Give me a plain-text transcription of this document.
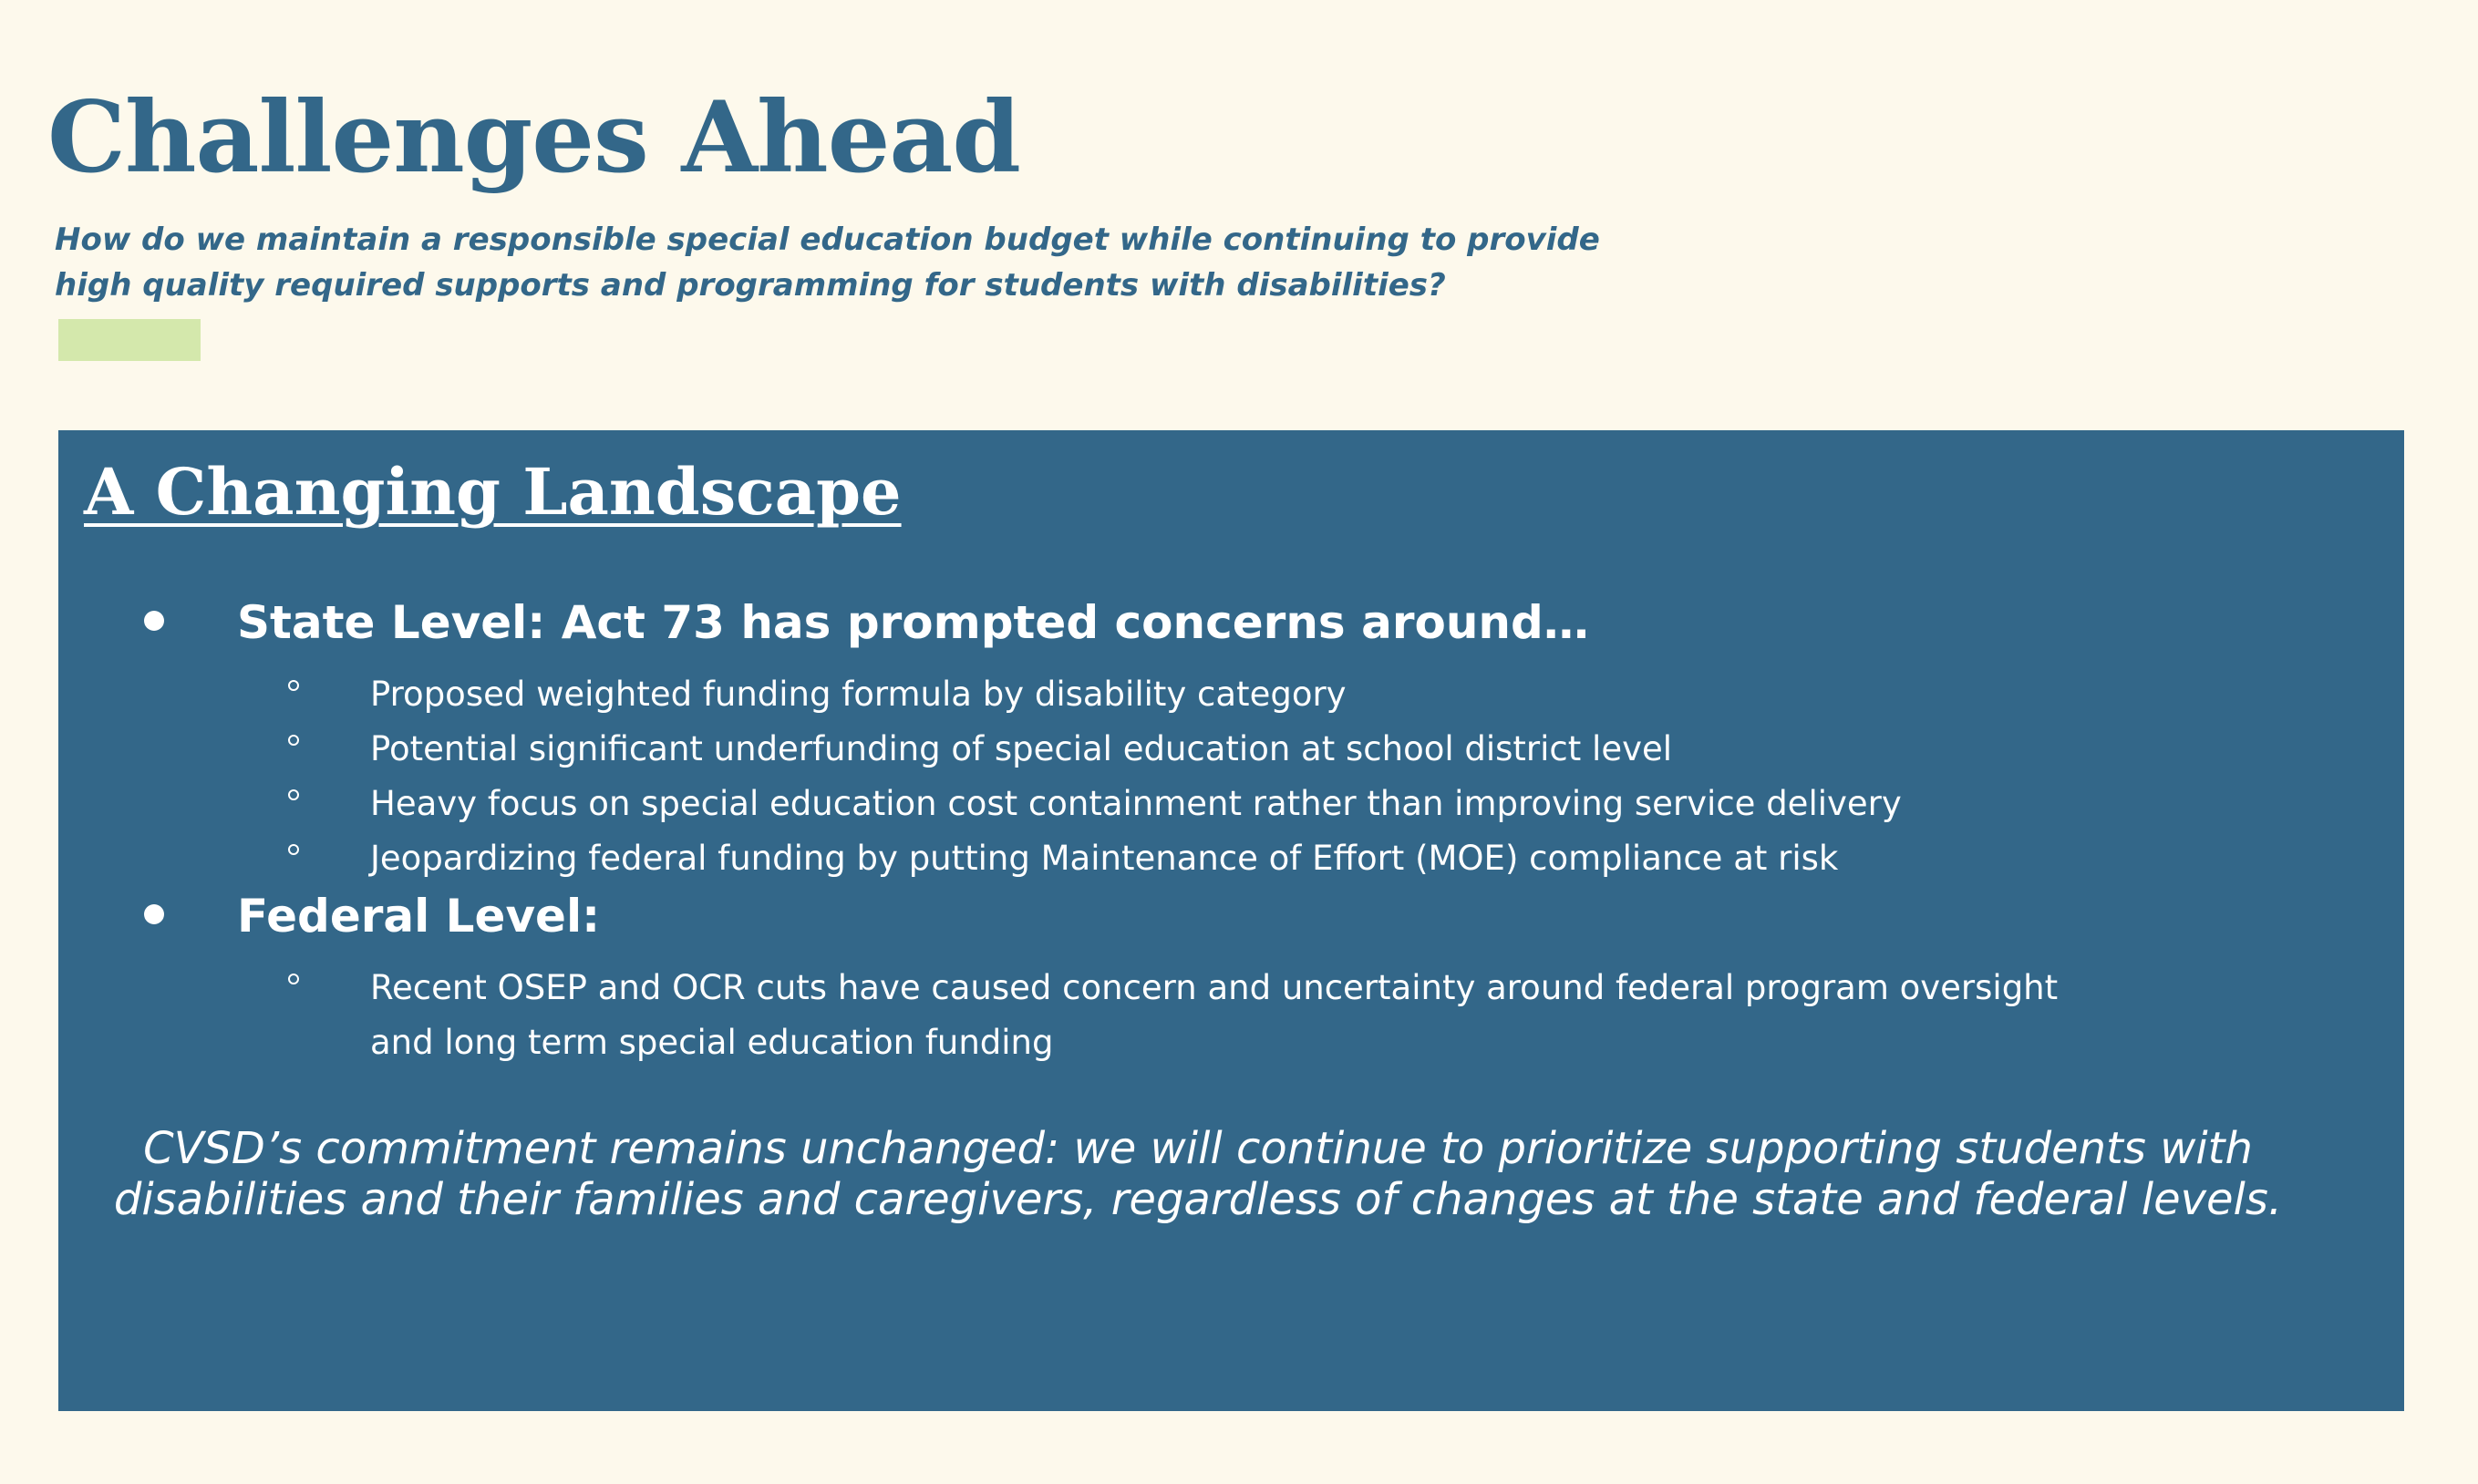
Challenges Ahead

How do we maintain a responsible special education budget while continuing to provide
high quality required supports and programming for students with disabilities?

A Changing Landscape
State Level: Act 73 has prompted concerns around…
Proposed weighted funding formula by disability category
Potential significant underfunding of special education at school district level
Heavy focus on special education cost containment rather than improving service delivery
Jeopardizing federal funding by putting Maintenance of Effort (MOE) compliance at risk
Federal Level:
Recent OSEP and OCR cuts have caused concern and uncertainty around federal program oversight and long term special education funding

CVSD’s commitment remains unchanged: we will continue to prioritize supporting students with disabilities and their families and caregivers, regardless of changes at the state and federal levels.
